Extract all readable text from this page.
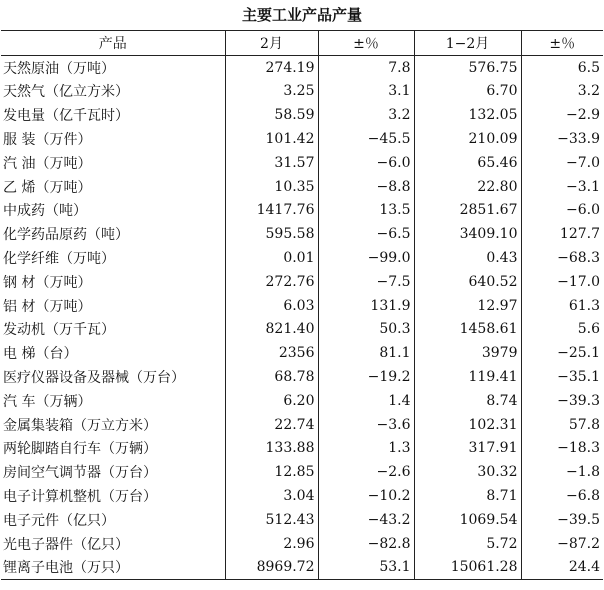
主要工业产品产量
产品	2月	±％	1−2月	±％
天然原油（万吨）	274.19	7.8	576.75	6.5
天然气（亿立方米）	3.25	3.1	6.70	3.2
发电量（亿千瓦时）	58.59	3.2	132.05	−2.9
服 装（万件）	101.42	−45.5	210.09	−33.9
汽 油（万吨）	31.57	−6.0	65.46	−7.0
乙 烯（万吨）	10.35	−8.8	22.80	−3.1
中成药（吨）	1417.76	13.5	2851.67	−6.0
化学药品原药（吨）	595.58	−6.5	3409.10	127.7
化学纤维（万吨）	0.01	−99.0	0.43	−68.3
钢 材（万吨）	272.76	−7.5	640.52	−17.0
铝 材（万吨）	6.03	131.9	12.97	61.3
发动机（万千瓦）	821.40	50.3	1458.61	5.6
电 梯（台）	2356	81.1	3979	−25.1
医疗仪器设备及器械（万台）	68.78	−19.2	119.41	−35.1
汽 车（万辆）	6.20	1.4	8.74	−39.3
金属集装箱（万立方米）	22.74	−3.6	102.31	57.8
两轮脚踏自行车（万辆）	133.88	1.3	317.91	−18.3
房间空气调节器（万台）	12.85	−2.6	30.32	−1.8
电子计算机整机（万台）	3.04	−10.2	8.71	−6.8
电子元件（亿只）	512.43	−43.2	1069.54	−39.5
光电子器件（亿只）	2.96	−82.8	5.72	−87.2
锂离子电池（万只）	8969.72	53.1	15061.28	24.4
